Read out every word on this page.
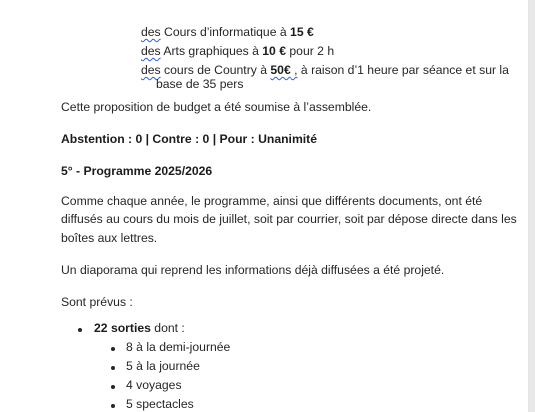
des Cours d’informatique à 15 €
des Arts graphiques à 10 € pour 2 h
des cours de Country à 50€ , à raison d’1 heure par séance et sur la
base de 35 pers
Cette proposition de budget a été soumise à l’assemblée.
Abstention : 0 | Contre : 0 | Pour : Unanimité
5° - Programme 2025/2026
Comme chaque année, le programme, ainsi que différents documents, ont été
diffusés au cours du mois de juillet, soit par courrier, soit par dépose directe dans les
boîtes aux lettres.
Un diaporama qui reprend les informations déjà diffusées a été projeté.
Sont prévus :
22 sorties dont :
8 à la demi-journée
5 à la journée
4 voyages
5 spectacles
